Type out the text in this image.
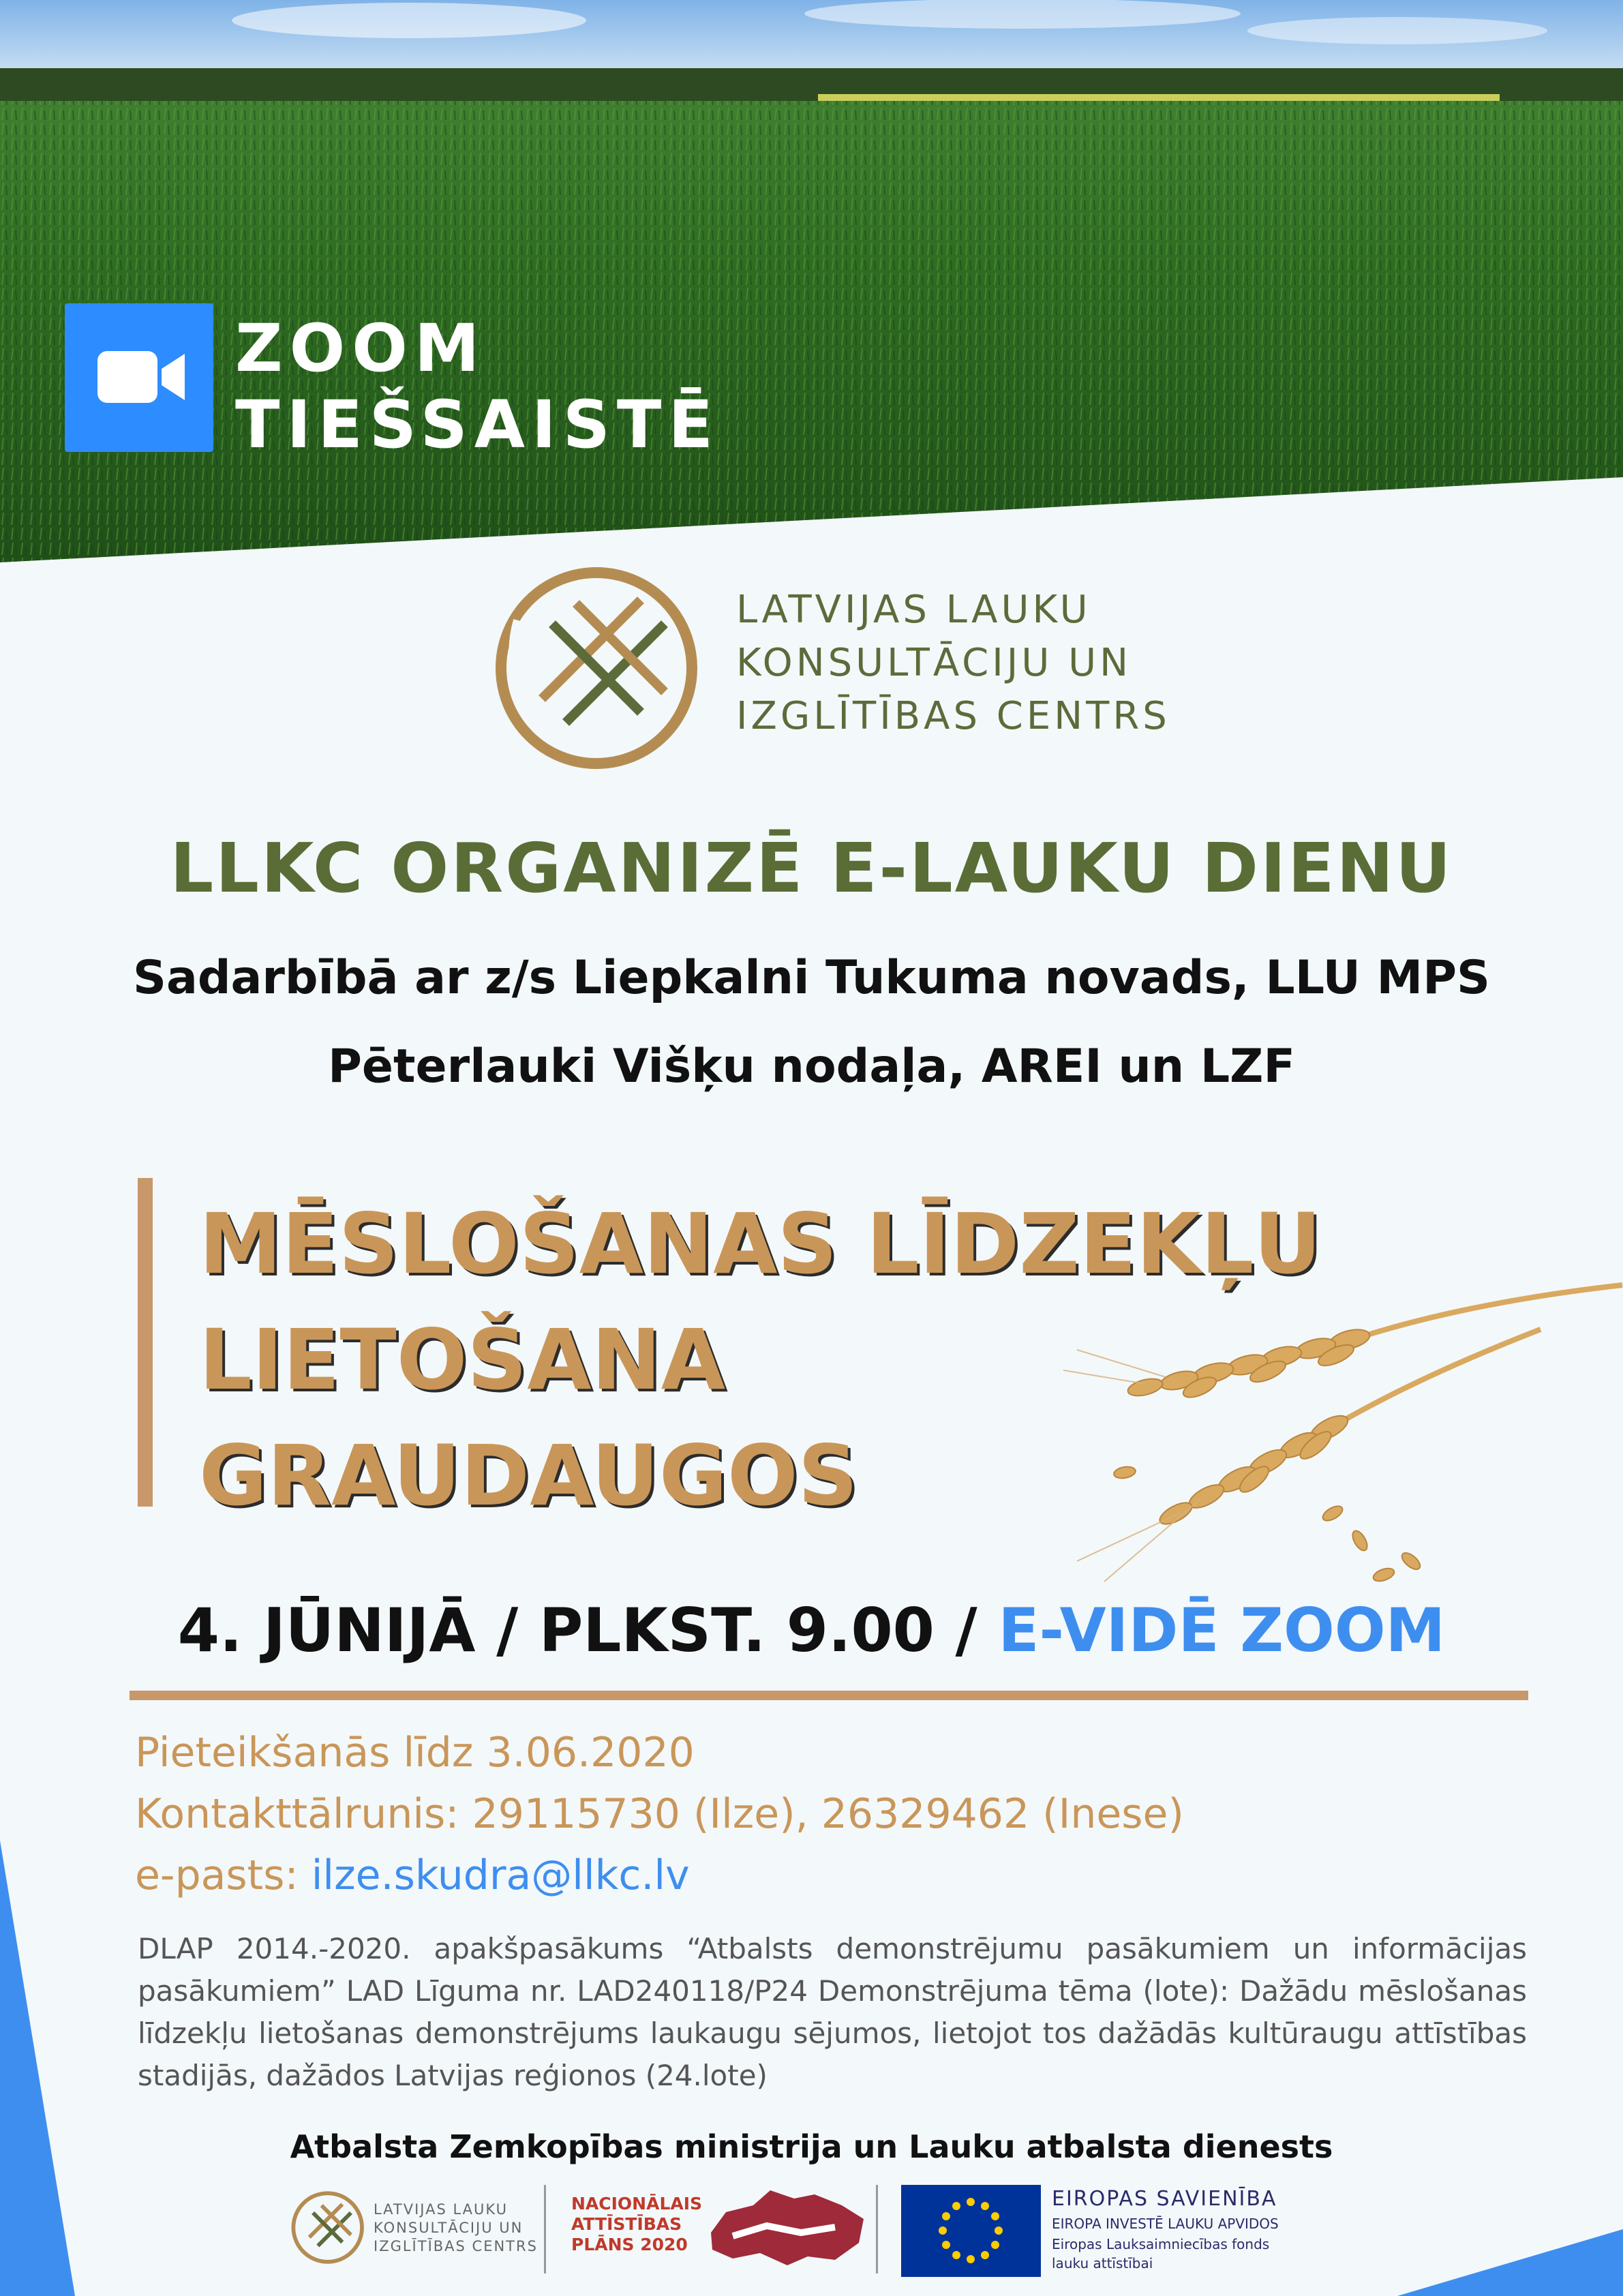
ZOOM
TIEŠSAISTĒ
LATVIJAS LAUKU
KONSULTĀCIJU UN
IZGLĪTĪBAS CENTRS
LLKC ORGANIZĒ E-LAUKU DIENU
Sadarbībā ar z/s Liepkalni Tukuma novads, LLU MPS
Pēterlauki Višķu nodaļa, AREI un LZF
MĒSLOŠANAS LĪDZEKĻU
LIETOŠANA
GRAUDAUGOS
4. JŪNIJĀ / PLKST. 9.00 / E-VIDĒ ZOOM
Pieteikšanās līdz 3.06.2020
Kontakttālrunis: 29115730 (Ilze), 26329462 (Inese)
e-pasts: ilze.skudra@llkc.lv
DLAP 2014.-2020. apakšpasākums “Atbalsts demonstrējumu pasākumiem un informācijas pasākumiem” LAD Līguma nr. LAD240118/P24 Demonstrējuma tēma (lote): Dažādu mēslošanas līdzekļu lietošanas demonstrējums laukaugu sējumos, lietojot tos dažādās kultūraugu attīstības stadijās, dažādos Latvijas reģionos (24.lote)
Atbalsta Zemkopības ministrija un Lauku atbalsta dienests
LATVIJAS LAUKU
KONSULTĀCIJU UN
IZGLĪTĪBAS CENTRS
NACIONĀLAIS
ATTĪSTĪBAS
PLĀNS 2020
EIROPAS SAVIENĪBA
EIROPA INVESTĒ LAUKU APVIDOS
Eiropas Lauksaimniecības fonds
lauku attīstībai
